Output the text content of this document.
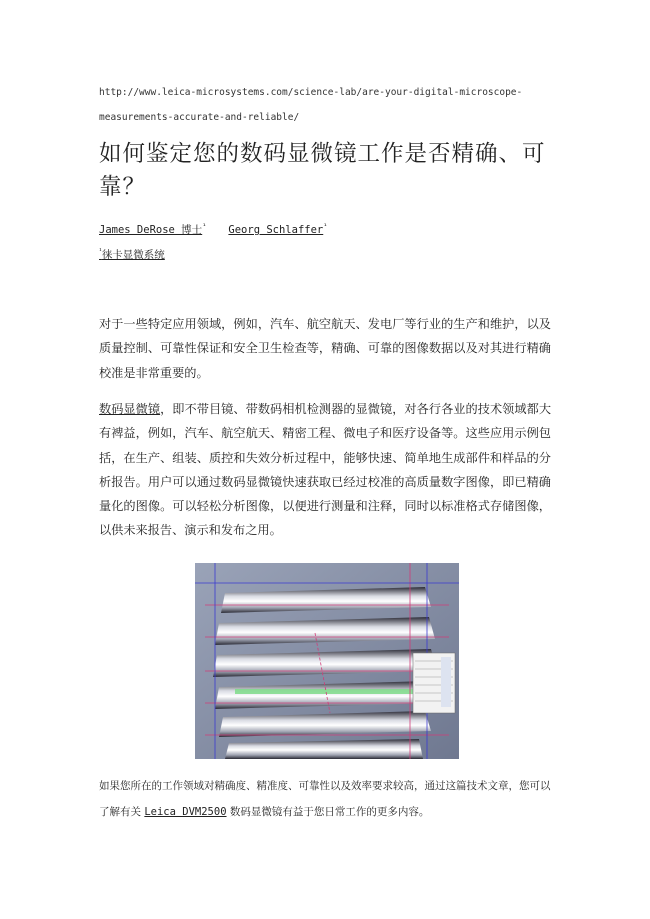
http://www.leica-microsystems.com/science-lab/are-your-digital-microscope-
measurements-accurate-and-reliable/
如何鉴定您的数码显微镜工作是否精确、可靠？
James DeRose 博士$^{^1}$ Georg Schlaffer$^{^1}$
$^{^1}$徕卡显微系统
对于一些特定应用领域，例如，汽车、航空航天、发电厂等行业的生产和维护，以及质量控制、可靠性保证和安全卫生检查等，精确、可靠的图像数据以及对其进行精确校准是非常重要的。
数码显微镜，即不带目镜、带数码相机检测器的显微镜，对各行各业的技术领域都大有裨益，例如，汽车、航空航天、精密工程、微电子和医疗设备等。这些应用示例包括，在生产、组装、质控和失效分析过程中，能够快速、简单地生成部件和样品的分析报告。用户可以通过数码显微镜快速获取已经过校准的高质量数字图像，即已精确量化的图像。可以轻松分析图像，以便进行测量和注释，同时以标准格式存储图像，以供未来报告、演示和发布之用。
如果您所在的工作领域对精确度、精准度、可靠性以及效率要求较高，通过这篇技术文章，您可以了解有关 Leica DVM2500 数码显微镜有益于您日常工作的更多内容。
